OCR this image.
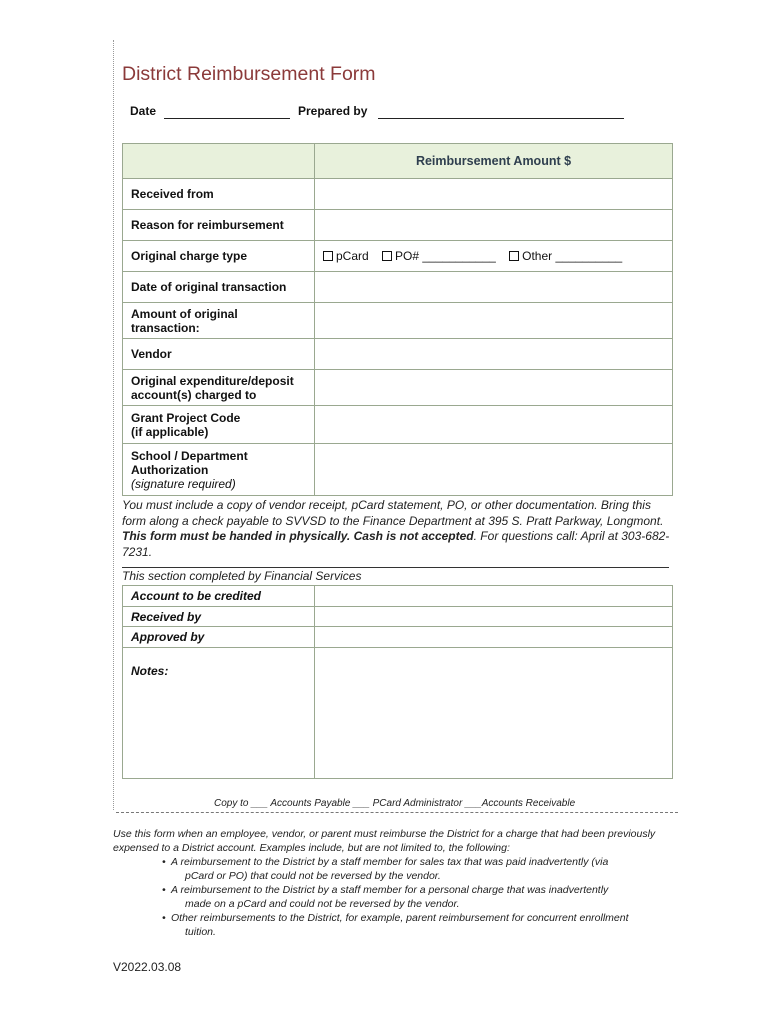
District Reimbursement Form
Date	Prepared by
	Reimbursement Amount $
Received from	
Reason for reimbursement	
Original charge type	pCard PO# ___________ Other __________
Date of original transaction	
Amount of original transaction:	
Vendor	
Original expenditure/deposit account(s) charged to	

Grant Project Code
(if applicable)	

School / Department Authorization
(signature required)	

You must include a copy of vendor receipt, pCard statement, PO, or other documentation. Bring this form along a check payable to SVVSD to the Finance Department at 395 S. Pratt Parkway, Longmont. This form must be handed in physically. Cash is not accepted. For questions call: April at 303-682-7231.
This section completed by Financial Services
Account to be credited	
Received by	
Approved by	
Notes:	
Copy to ___ Accounts Payable ___ PCard Administrator ___Accounts Receivable
Use this form when an employee, vendor, or parent must reimburse the District for a charge that had been previously expensed to a District account. Examples include, but are not limited to, the following:
• A reimbursement to the District by a staff member for sales tax that was paid inadvertently (via
pCard or PO) that could not be reversed by the vendor.
• A reimbursement to the District by a staff member for a personal charge that was inadvertently
made on a pCard and could not be reversed by the vendor.
• Other reimbursements to the District, for example, parent reimbursement for concurrent enrollment
tuition.
V2022.03.08
